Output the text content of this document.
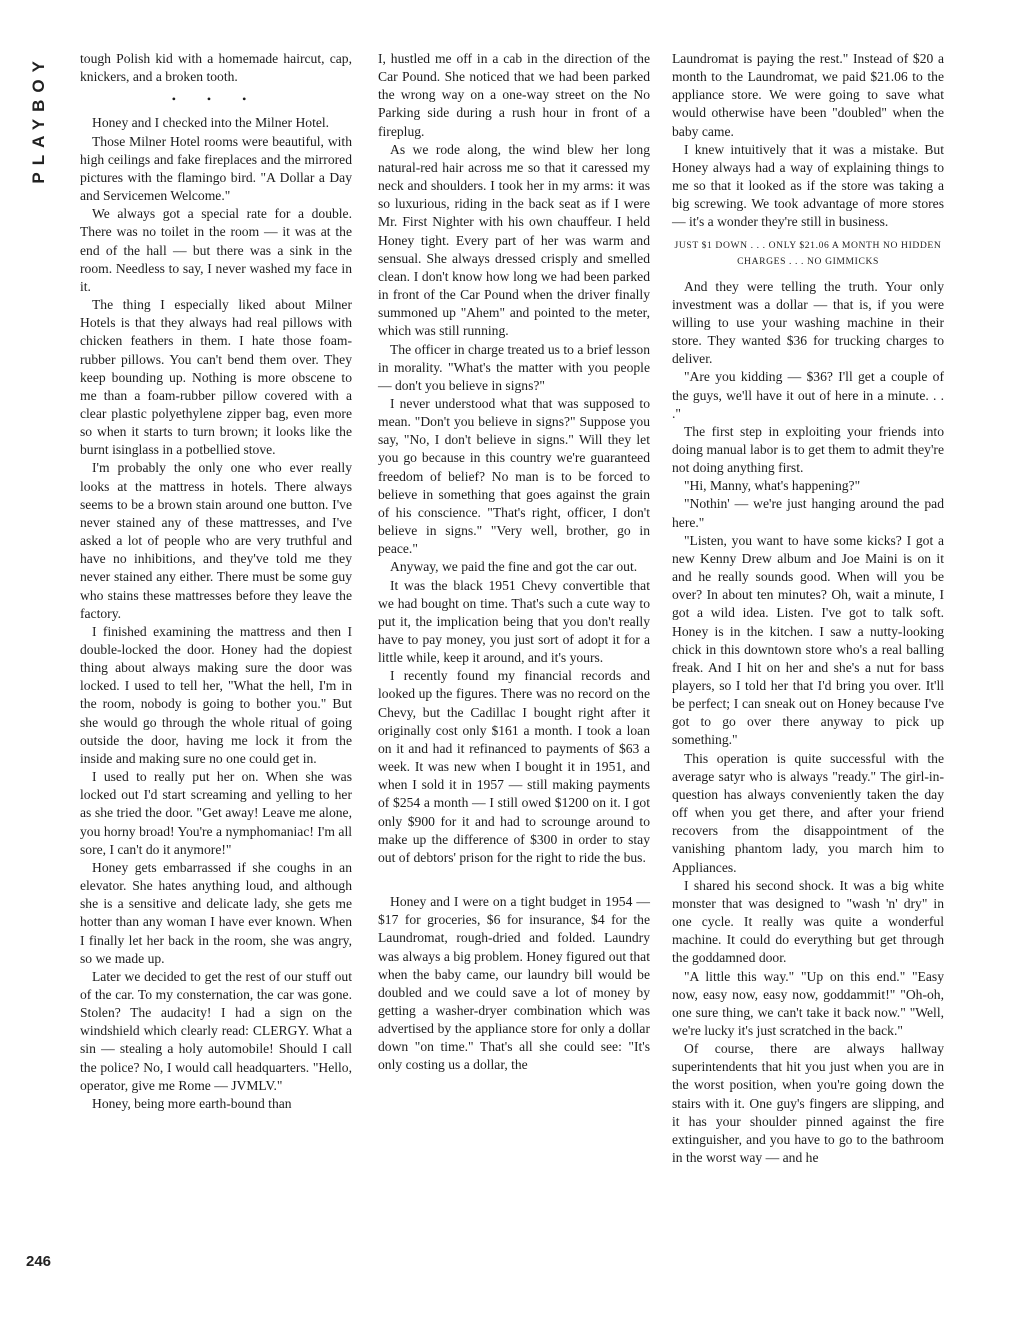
PLAYBOY tough Polish kid with a homemade haircut, cap, knickers, and a broken tooth.

• • •

Honey and I checked into the Milner Hotel.

Those Milner Hotel rooms were beautiful, with high ceilings and fake fireplaces and the mirrored pictures with the flamingo bird. "A Dollar a Day and Servicemen Welcome."

We always got a special rate for a double. There was no toilet in the room — it was at the end of the hall — but there was a sink in the room. Needless to say, I never washed my face in it.

The thing I especially liked about Milner Hotels is that they always had real pillows with chicken feathers in them. I hate those foam-rubber pillows. You can't bend them over. They keep bounding up. Nothing is more obscene to me than a foam-rubber pillow covered with a clear plastic polyethylene zipper bag, even more so when it starts to turn brown; it looks like the burnt isinglass in a potbellied stove.

I'm probably the only one who ever really looks at the mattress in hotels. There always seems to be a brown stain around one button. I've never stained any of these mattresses, and I've asked a lot of people who are very truthful and have no inhibitions, and they've told me they never stained any either. There must be some guy who stains these mattresses before they leave the factory.

I finished examining the mattress and then I double-locked the door. Honey had the dopiest thing about always making sure the door was locked. I used to tell her, "What the hell, I'm in the room, nobody is going to bother you." But she would go through the whole ritual of going outside the door, having me lock it from the inside and making sure no one could get in.

I used to really put her on. When she was locked out I'd start screaming and yelling to her as she tried the door. "Get away! Leave me alone, you horny broad! You're a nymphomaniac! I'm all sore, I can't do it anymore!"

Honey gets embarrassed if she coughs in an elevator. She hates anything loud, and although she is a sensitive and delicate lady, she gets me hotter than any woman I have ever known. When I finally let her back in the room, she was angry, so we made up.

Later we decided to get the rest of our stuff out of the car. To my consternation, the car was gone. Stolen? The audacity! I had a sign on the windshield which clearly read: CLERGY. What a sin — stealing a holy automobile! Should I call the police? No, I would call headquarters. "Hello, operator, give me Rome — JVMLV."

Honey, being more earth-bound than

I, hustled me off in a cab in the direction of the Car Pound. She noticed that we had been parked the wrong way on a one-way street on the No Parking side during a rush hour in front of a fireplug.

As we rode along, the wind blew her long natural-red hair across me so that it caressed my neck and shoulders. I took her in my arms: it was so luxurious, riding in the back seat as if I were Mr. First Nighter with his own chauffeur. I held Honey tight. Every part of her was warm and sensual. She always dressed crisply and smelled clean. I don't know how long we had been parked in front of the Car Pound when the driver finally summoned up "Ahem" and pointed to the meter, which was still running.

The officer in charge treated us to a brief lesson in morality. "What's the matter with you people — don't you believe in signs?"

I never understood what that was supposed to mean. "Don't you believe in signs?" Suppose you say, "No, I don't believe in signs." Will they let you go because in this country we're guaranteed freedom of belief? No man is to be forced to believe in something that goes against the grain of his conscience. "That's right, officer, I don't believe in signs." "Very well, brother, go in peace."

Anyway, we paid the fine and got the car out.

It was the black 1951 Chevy convertible that we had bought on time. That's such a cute way to put it, the implication being that you don't really have to pay money, you just sort of adopt it for a little while, keep it around, and it's yours.

I recently found my financial records and looked up the figures. There was no record on the Chevy, but the Cadillac I bought right after it originally cost only $161 a month. I took a loan on it and had it refinanced to payments of $63 a week. It was new when I bought it in 1951, and when I sold it in 1957 — still making payments of $254 a month — I still owed $1200 on it. I got only $900 for it and had to scrounge around to make up the difference of $300 in order to stay out of debtors' prison for the right to ride the bus.

Honey and I were on a tight budget in 1954 — $17 for groceries, $6 for insurance, $4 for the Laundromat, rough-dried and folded. Laundry was always a big problem. Honey figured out that when the baby came, our laundry bill would be doubled and we could save a lot of money by getting a washer-dryer combination which was advertised by the appliance store for only a dollar down "on time." That's all she could see: "It's only costing us a dollar, the

Laundromat is paying the rest." Instead of $20 a month to the Laundromat, we paid $21.06 to the appliance store. We were going to save what would otherwise have been "doubled" when the baby came.

I knew intuitively that it was a mistake. But Honey always had a way of explaining things to me so that it looked as if the store was taking a big screwing. We took advantage of more stores — it's a wonder they're still in business.

JUST $1 DOWN . . . ONLY $21.06 A MONTH NO HIDDEN CHARGES . . . NO GIMMICKS

And they were telling the truth. Your only investment was a dollar — that is, if you were willing to use your washing machine in their store. They wanted $36 for trucking charges to deliver.

"Are you kidding — $36? I'll get a couple of the guys, we'll have it out of here in a minute. . . ."

The first step in exploiting your friends into doing manual labor is to get them to admit they're not doing anything first.

"Hi, Manny, what's happening?"

"Nothin' — we're just hanging around the pad here."

"Listen, you want to have some kicks? I got a new Kenny Drew album and Joe Maini is on it and he really sounds good. When will you be over? In about ten minutes? Oh, wait a minute, I got a wild idea. Listen. I've got to talk soft. Honey is in the kitchen. I saw a nutty-looking chick in this downtown store who's a real balling freak. And I hit on her and she's a nut for bass players, so I told her that I'd bring you over. It'll be perfect; I can sneak out on Honey because I've got to go over there anyway to pick up something."

This operation is quite successful with the average satyr who is always "ready." The girl-in-question has always conveniently taken the day off when you get there, and after your friend recovers from the disappointment of the vanishing phantom lady, you march him to Appliances.

I shared his second shock. It was a big white monster that was designed to "wash 'n' dry" in one cycle. It really was quite a wonderful machine. It could do everything but get through the goddamned door.

"A little this way." "Up on this end." "Easy now, easy now, easy now, goddammit!" "Oh-oh, one sure thing, we can't take it back now." "Well, we're lucky it's just scratched in the back."

Of course, there are always hallway superintendents that hit you just when you are in the worst position, when you're going down the stairs with it. One guy's fingers are slipping, and it has your shoulder pinned against the fire extinguisher, and you have to go to the bathroom in the worst way — and he

246
